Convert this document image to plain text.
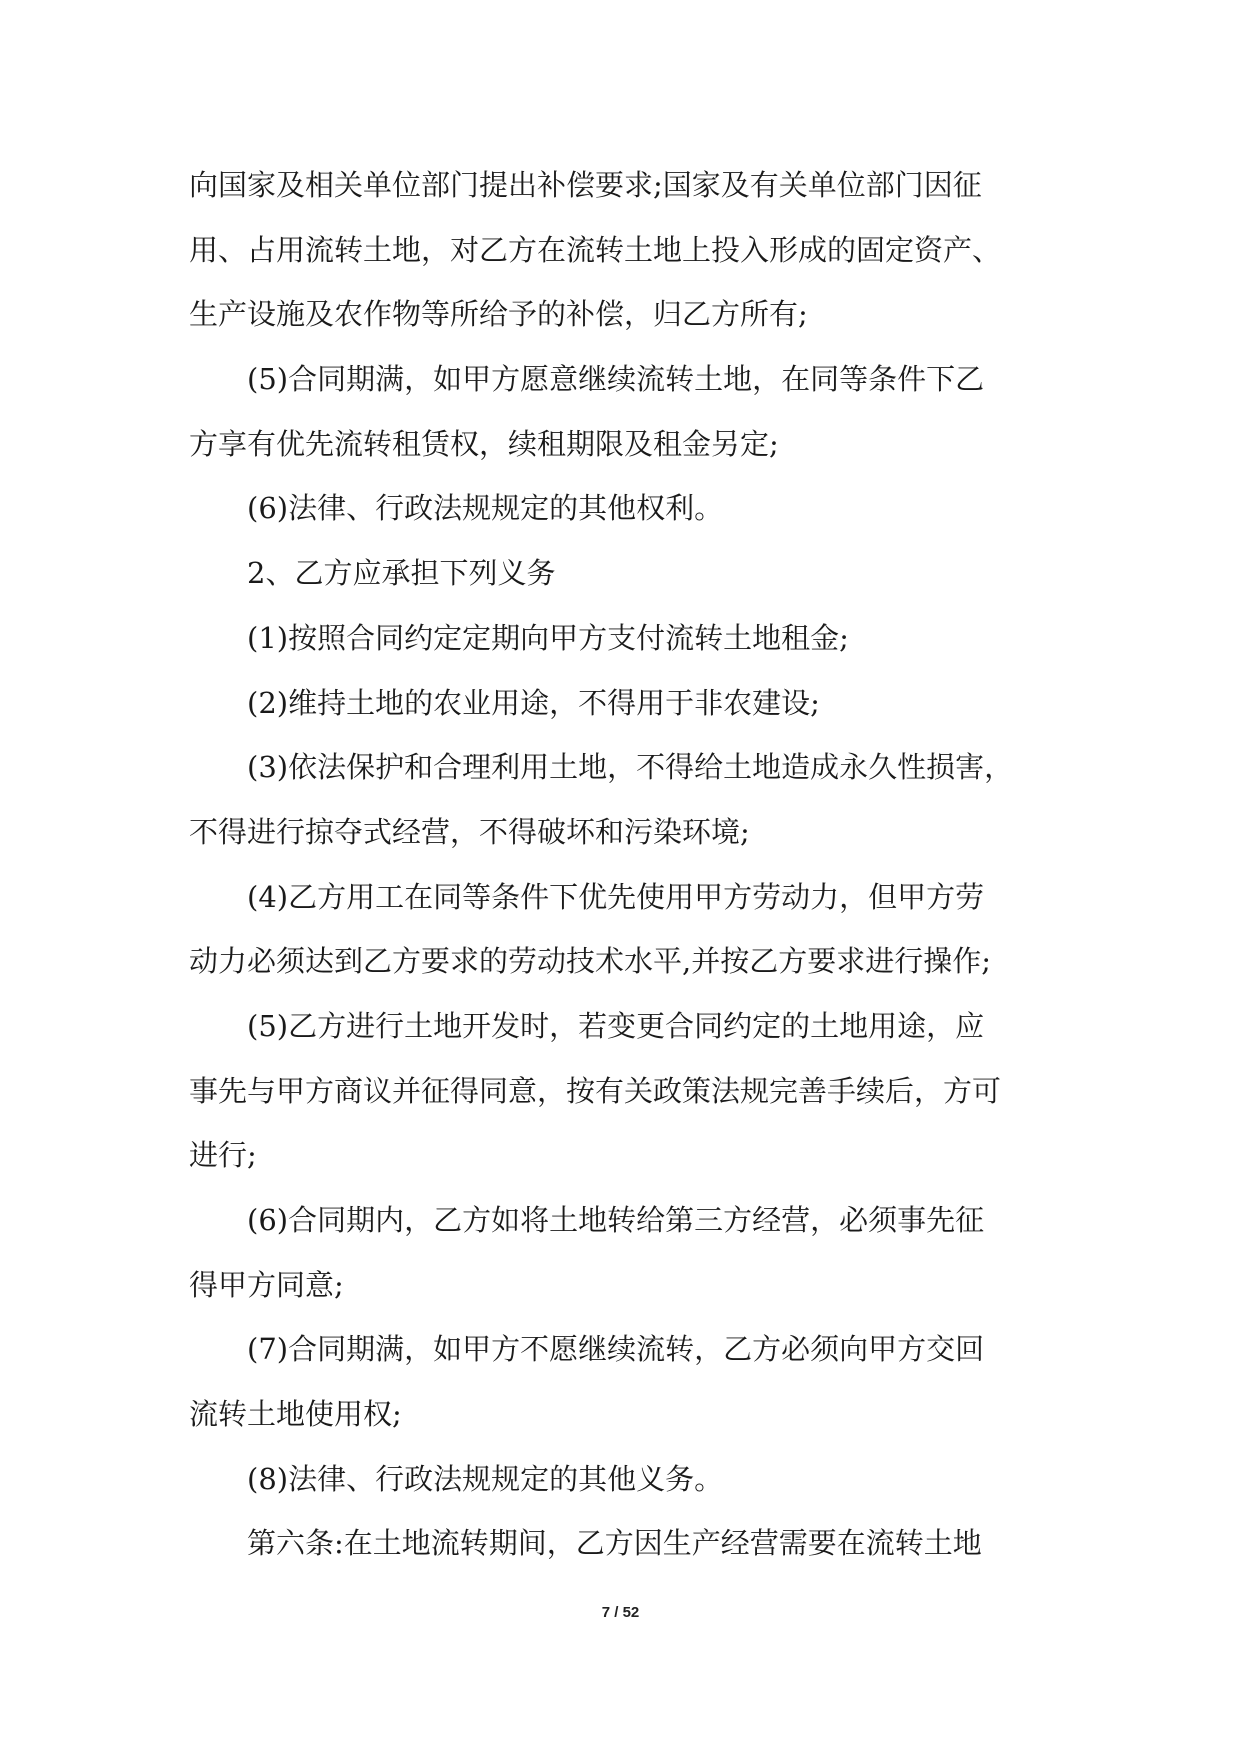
向国家及相关单位部门提出补偿要求;国家及有关单位部门因征
用、占用流转土地，对乙方在流转土地上投入形成的固定资产、
生产设施及农作物等所给予的补偿，归乙方所有;
(5)合同期满，如甲方愿意继续流转土地，在同等条件下乙
方享有优先流转租赁权，续租期限及租金另定;
(6)法律、行政法规规定的其他权利。
2、乙方应承担下列义务
(1)按照合同约定定期向甲方支付流转土地租金;
(2)维持土地的农业用途，不得用于非农建设;
(3)依法保护和合理利用土地，不得给土地造成永久性损害，
不得进行掠夺式经营，不得破坏和污染环境;
(4)乙方用工在同等条件下优先使用甲方劳动力，但甲方劳
动力必须达到乙方要求的劳动技术水平,并按乙方要求进行操作;
(5)乙方进行土地开发时，若变更合同约定的土地用途，应
事先与甲方商议并征得同意，按有关政策法规完善手续后，方可
进行;
(6)合同期内，乙方如将土地转给第三方经营，必须事先征
得甲方同意;
(7)合同期满，如甲方不愿继续流转，乙方必须向甲方交回
流转土地使用权;
(8)法律、行政法规规定的其他义务。
第六条:在土地流转期间，乙方因生产经营需要在流转土地
7 / 52
